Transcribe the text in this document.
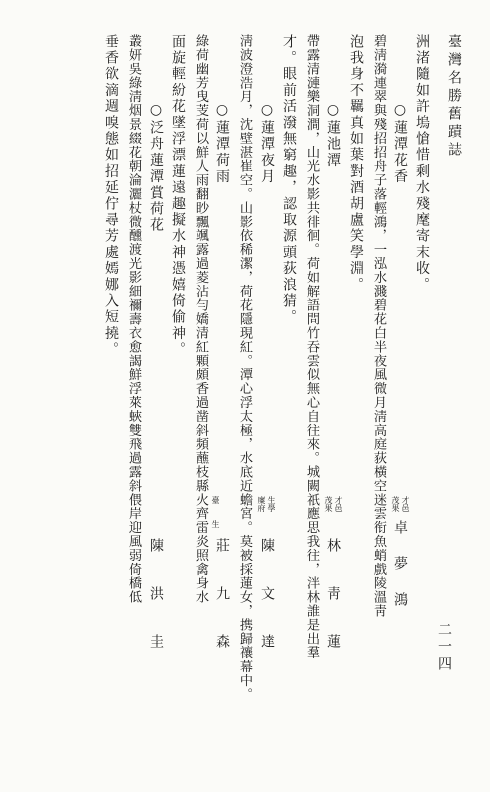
臺灣名勝舊蹟誌
二一四
洲渚隨如許塢愴惜剩水殘麾寄末收。
○蓮潭花香
碧淸漪連翠與殘招招舟子落輕鴻，一泓水濺碧花白半夜風微月淸高庭荻橫空迷雲衔魚蛸戲陵溫靑
泡我身不羈真如葉對酒胡盧笑學淵。
○蓮池潭
帶露清漣樂洞澗，山光水影共徘徊。荷如解語問竹吞雲似無心自往來。城闕祇應思我往，泮林誰是出羣
才。眼前活潑無窮趣，認取源頭荻浪猜。
○蓮潭夜月
淸波澄浩月，沈壁湛崔空。山影依稀潔，荷花隱現紅。潭心浮太極，水底近蟾宮。莫被採蓮女，携歸禳幕中。
○蓮潭荷雨
綠荷幽芳曳芰荷以鮮人雨翻眇飄颯露過菱沾勻嬌清紅顆頗香過凿斜頻蘸枝縣火齊雷炎照禽身水
面旋輕紛花墜浮漂蓮遠趣擬水神憑嬉倚偷神。
○泛舟蓮潭賞荷花
叢妍吳綠淸烟景綴花朝淪灑杖微醺渡光影細禰壽衣愈謁鮮浮萊蛺雙飛過露斜偎岸迎風弱倚橋低
垂香欲滴週嗅態如招延佇尋芳處嫣娜入短撓。
茂果 才邑
卓　夢　鴻
茂果 才邑
林　　靑　　蓮
廩府 生學
陳　　文　　達
臺
生
莊　　九　　森
陳　　洪　　圭
